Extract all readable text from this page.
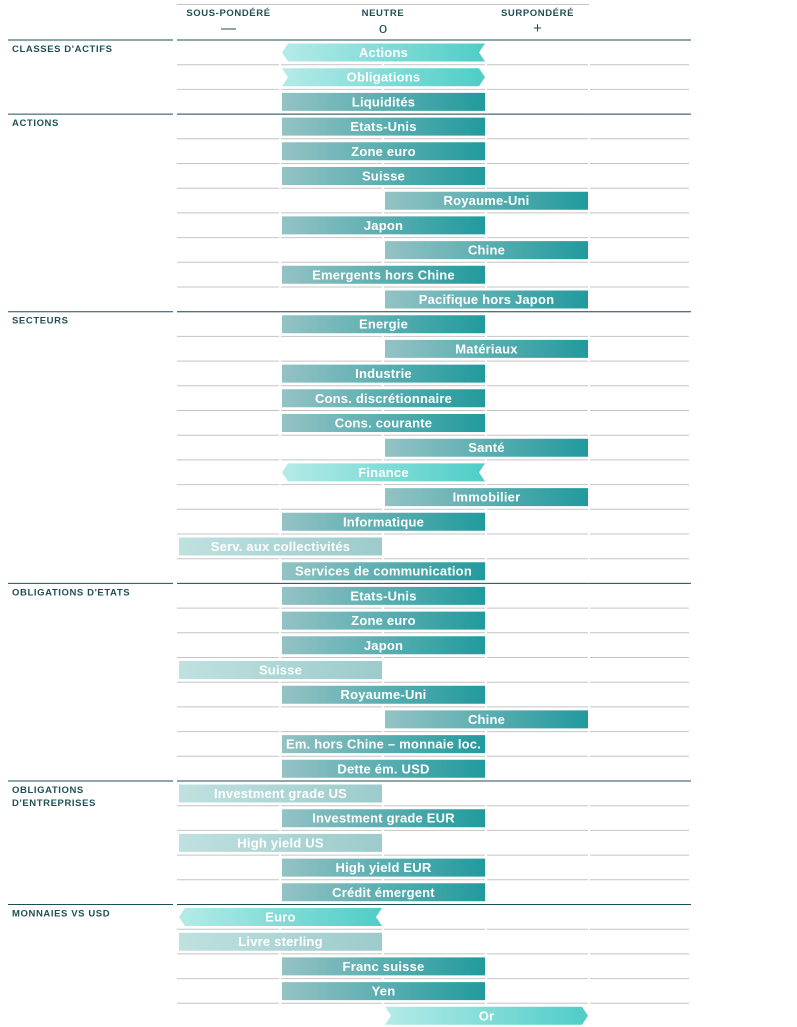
SOUS-PONDÉRÉ
—
NEUTRE
o
SURPONDÉRÉ
+
CLASSES D'ACTIFS
ACTIONS
SECTEURS
OBLIGATIONS D'ETATS
OBLIGATIONS
D'ENTREPRISES
MONNAIES VS USD
Actions
Obligations
Liquidités
Etats-Unis
Zone euro
Suisse
Royaume-Uni
Japon
Chine
Emergents hors Chine
Pacifique hors Japon
Energie
Matériaux
Industrie
Cons. discrétionnaire
Cons. courante
Santé
Finance
Immobilier
Informatique
Serv. aux collectivités
Services de communication
Etats-Unis
Zone euro
Japon
Suisse
Royaume-Uni
Chine
Em. hors Chine – monnaie loc.
Dette ém. USD
Investment grade US
Investment grade EUR
High yield US
High yield EUR
Crédit émergent
Euro
Livre sterling
Franc suisse
Yen
Or
